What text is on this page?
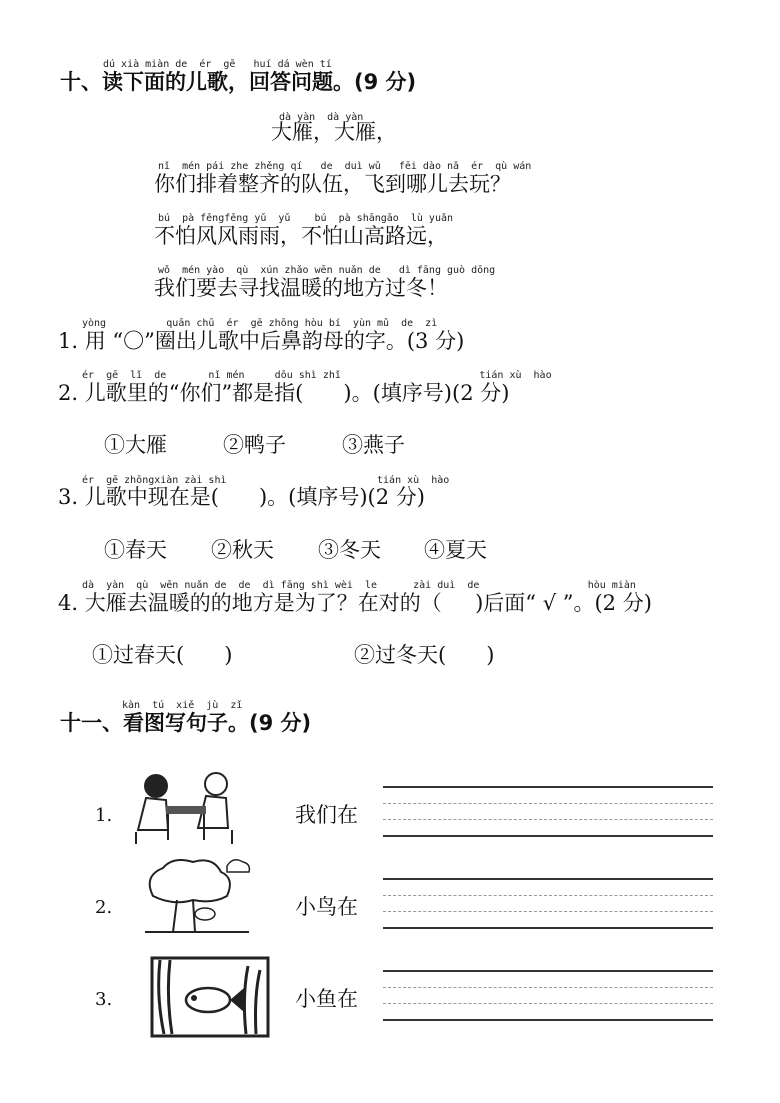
dú xià miàn de  ér  gē   huí dá wèn tí
十、读下面的儿歌，回答问题。(9 分)
dà yàn  dà yàn
大雁，大雁，
nǐ  mén pái zhe zhěng qí   de  duì wǔ   fēi dào nǎ  ér  qù wán
你们排着整齐的队伍，飞到哪儿去玩？
bú  pà fēngfēng yǔ  yǔ    bú  pà shāngāo  lù yuǎn
不怕风风雨雨，不怕山高路远，
wǒ  mén yào  qù  xún zhǎo wēn nuǎn de   dì fāng guò dōng
我们要去寻找温暖的地方过冬！
yòng          quān chū  ér  gē zhōng hòu bí  yùn mǔ  de  zì
1. 用 “〇”圈出儿歌中后鼻韵母的字。(3 分)
ér  gē  lǐ  de       nǐ mén     dōu shì zhǐ                       tián xù  hào
2. 儿歌里的“你们”都是指(      )。(填序号)(2 分)
①大雁	②鸭子	③燕子
ér  gē zhōngxiàn zài shì                         tián xù  hào
3. 儿歌中现在是(      )。(填序号)(2 分)
①春天 ②秋天 ③冬天 ④夏天
dà  yàn  qù  wēn nuǎn de  de  dì fāng shì wèi  le      zài duì  de                  hòu miàn
4. 大雁去温暖的的地方是为了？在对的（     )后面“ √ ”。(2 分)
①过春天(      )	②过冬天(      )
kàn  tú  xiě  jù  zǐ
十一、看图写句子。(9 分)
1.	我们在
2.	小鸟在
3.	小鱼在
